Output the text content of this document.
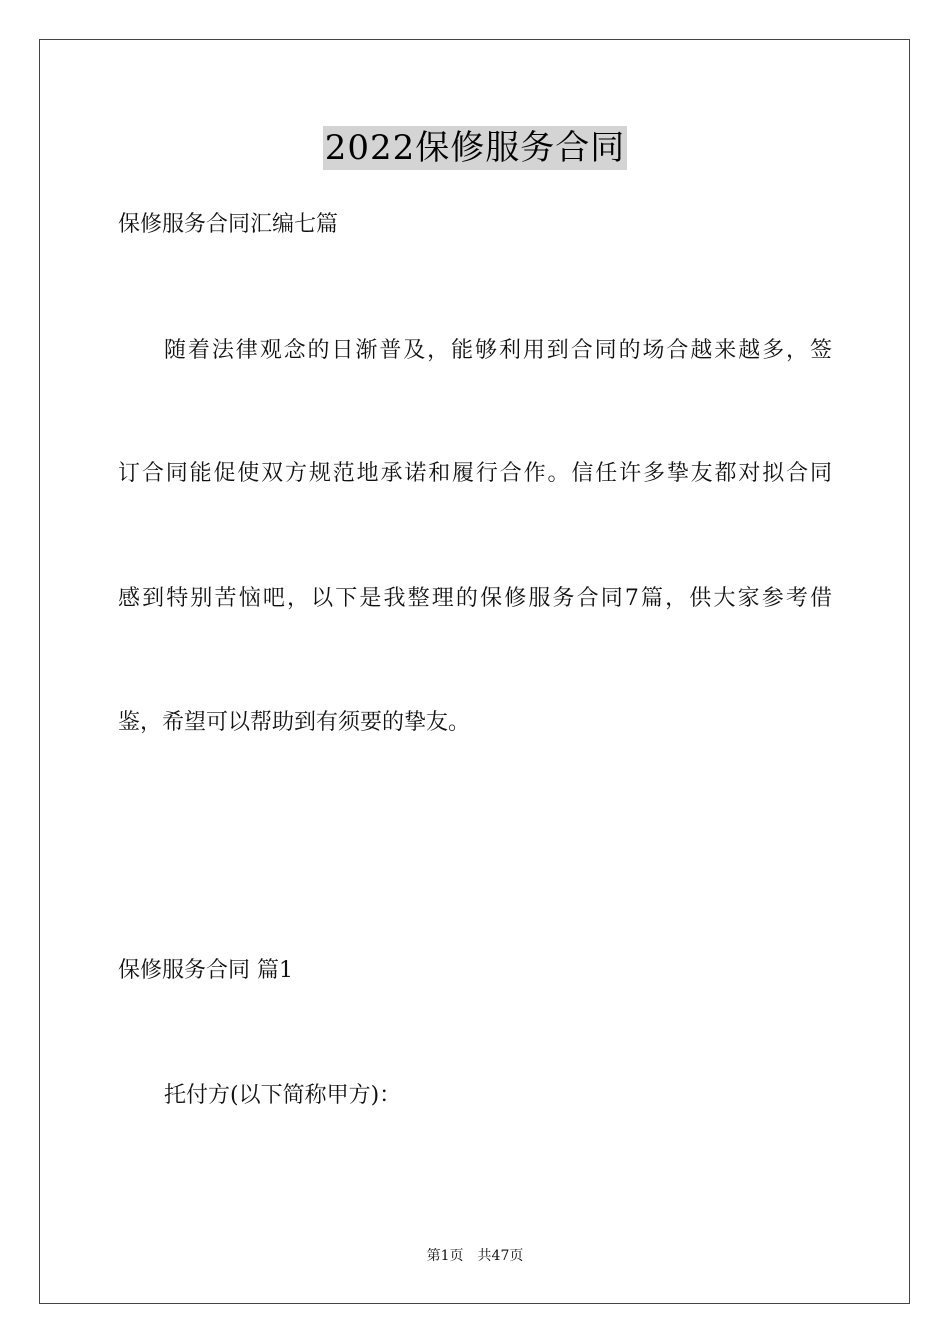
2022保修服务合同
保修服务合同汇编七篇
随着法律观念的日渐普及，能够利用到合同的场合越来越多，签
订合同能促使双方规范地承诺和履行合作。信任许多挚友都对拟合同
感到特别苦恼吧，以下是我整理的保修服务合同7篇，供大家参考借
鉴，希望可以帮助到有须要的挚友。
保修服务合同 篇1
托付方(以下简称甲方)：
第1页 共47页
